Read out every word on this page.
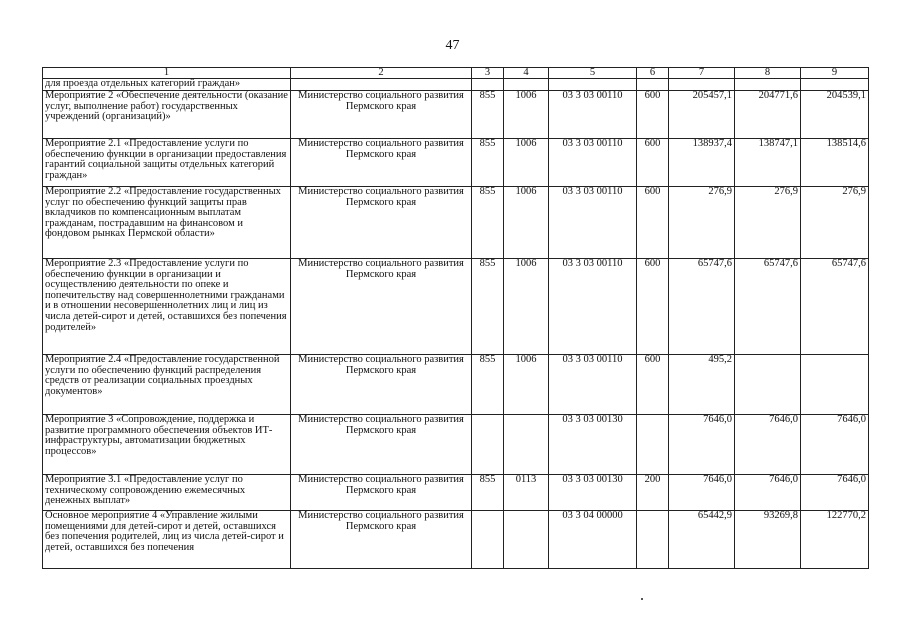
47
1	2	3	4	5	6	7	8	9
для проезда отдельных категорий граждан»								
Мероприятие 2 «Обеспечение деятельности (оказание услуг, выполнение работ) государственных учреждений (организаций)»	Министерство социального развития Пермского края	855	1006	03 3 03 00110	600	205457,1	204771,6	204539,1
Мероприятие 2.1 «Предоставление услуги по обеспечению функции в организации предоставления гарантий социальной защиты отдельных категорий граждан»	Министерство социального развития Пермского края	855	1006	03 3 03 00110	600	138937,4	138747,1	138514,6
Мероприятие 2.2 «Предоставление государственных услуг по обеспечению функций защиты прав вкладчиков по компенсационным выплатам гражданам, пострадавшим на финансовом и фондовом рынках Пермской области»	Министерство социального развития Пермского края	855	1006	03 3 03 00110	600	276,9	276,9	276,9
Мероприятие 2.3 «Предоставление услуги по обеспечению функции в организации и осуществлению деятельности по опеке и попечительству над совершеннолетними гражданами и в отношении несовершеннолетних лиц и лиц из числа детей-сирот и детей, оставшихся без попечения родителей»	Министерство социального развития Пермского края	855	1006	03 3 03 00110	600	65747,6	65747,6	65747,6
Мероприятие 2.4 «Предоставление государственной услуги по обеспечению функций распределения средств от реализации социальных проездных документов»	Министерство социального развития Пермского края	855	1006	03 3 03 00110	600	495,2		
Мероприятие 3 «Сопровождение, поддержка и развитие программного обеспечения объектов ИТ-инфраструктуры, автоматизации бюджетных процессов»	Министерство социального развития Пермского края			03 3 03 00130		7646,0	7646,0	7646,0
Мероприятие 3.1 «Предоставление услуг по техническому сопровождению ежемесячных денежных выплат»	Министерство социального развития Пермского края	855	0113	03 3 03 00130	200	7646,0	7646,0	7646,0
Основное мероприятие 4 «Управление жилыми помещениями для детей-сирот и детей, оставшихся без попечения родителей, лиц из числа детей-сирот и детей, оставшихся без попечения	Министерство социального развития Пермского края			03 3 04 00000		65442,9	93269,8	122770,2
